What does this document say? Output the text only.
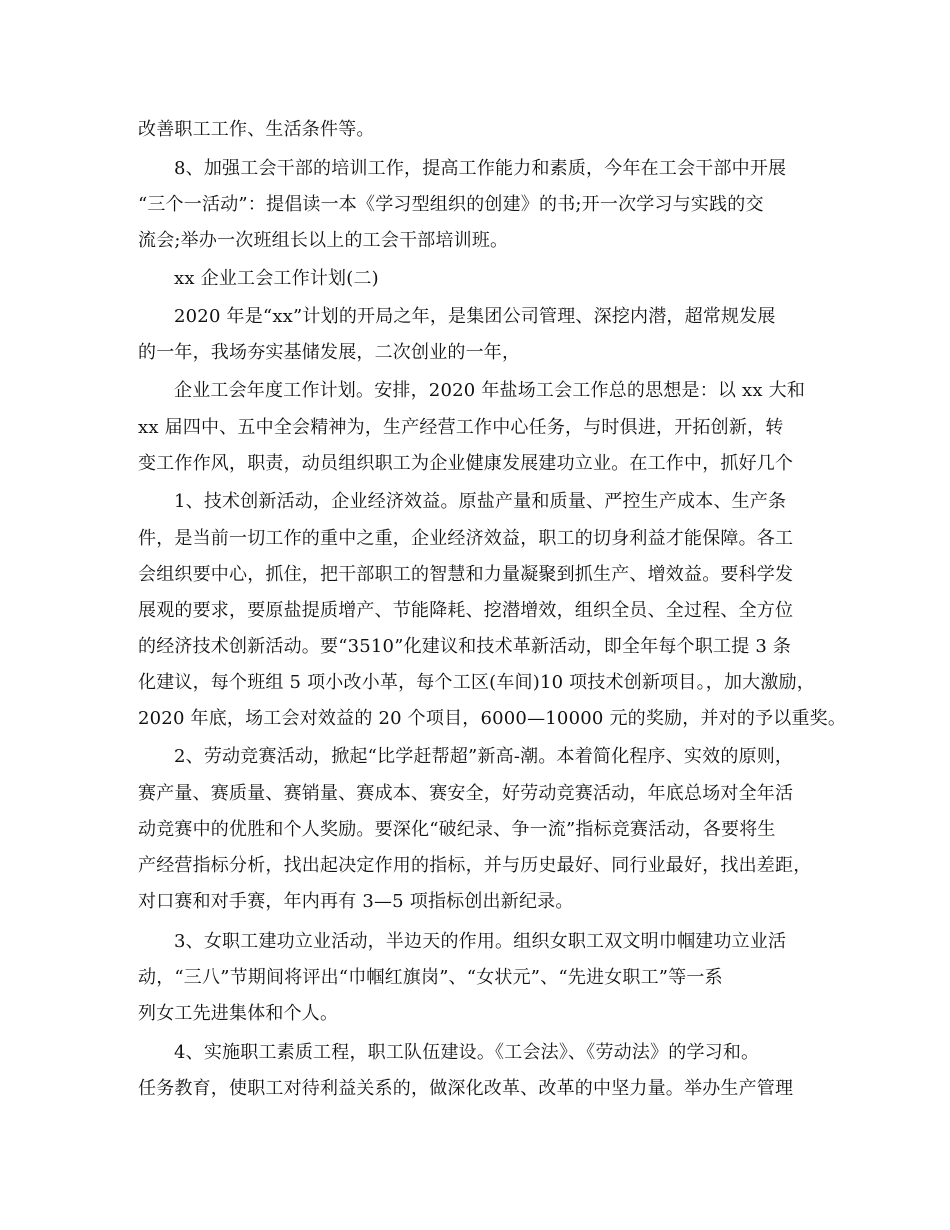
改善职工工作、生活条件等。
8、加强工会干部的培训工作，提高工作能力和素质，今年在工会干部中开展
“三个一活动”：提倡读一本《学习型组织的创建》的书;开一次学习与实践的交
流会;举办一次班组长以上的工会干部培训班。
xx 企业工会工作计划(二)
2020 年是“xx”计划的开局之年，是集团公司管理、深挖内潜，超常规发展
的一年，我场夯实基储发展，二次创业的一年，
企业工会年度工作计划。安排，2020 年盐场工会工作总的思想是：以 xx 大和
xx 届四中、五中全会精神为，生产经营工作中心任务，与时俱进，开拓创新，转
变工作作风，职责，动员组织职工为企业健康发展建功立业。在工作中，抓好几个
1、技术创新活动，企业经济效益。原盐产量和质量、严控生产成本、生产条
件，是当前一切工作的重中之重，企业经济效益，职工的切身利益才能保障。各工
会组织要中心，抓住，把干部职工的智慧和力量凝聚到抓生产、增效益。要科学发
展观的要求，要原盐提质增产、节能降耗、挖潜增效，组织全员、全过程、全方位
的经济技术创新活动。要“3510”化建议和技术革新活动，即全年每个职工提 3 条
化建议，每个班组 5 项小改小革，每个工区(车间)10 项技术创新项目。，加大激励，
2020 年底，场工会对效益的 20 个项目，6000—10000 元的奖励，并对的予以重奖。
2、劳动竞赛活动，掀起“比学赶帮超”新高-潮。本着简化程序、实效的原则，
赛产量、赛质量、赛销量、赛成本、赛安全，好劳动竞赛活动，年底总场对全年活
动竞赛中的优胜和个人奖励。要深化“破纪录、争一流”指标竞赛活动，各要将生
产经营指标分析，找出起决定作用的指标，并与历史最好、同行业最好，找出差距，
对口赛和对手赛，年内再有 3—5 项指标创出新纪录。
3、女职工建功立业活动，半边天的作用。组织女职工双文明巾帼建功立业活
动，“三八”节期间将评出“巾帼红旗岗”、“女状元”、“先进女职工”等一系
列女工先进集体和个人。
4、实施职工素质工程，职工队伍建设。《工会法》、《劳动法》的学习和。
任务教育，使职工对待利益关系的，做深化改革、改革的中坚力量。举办生产管理
